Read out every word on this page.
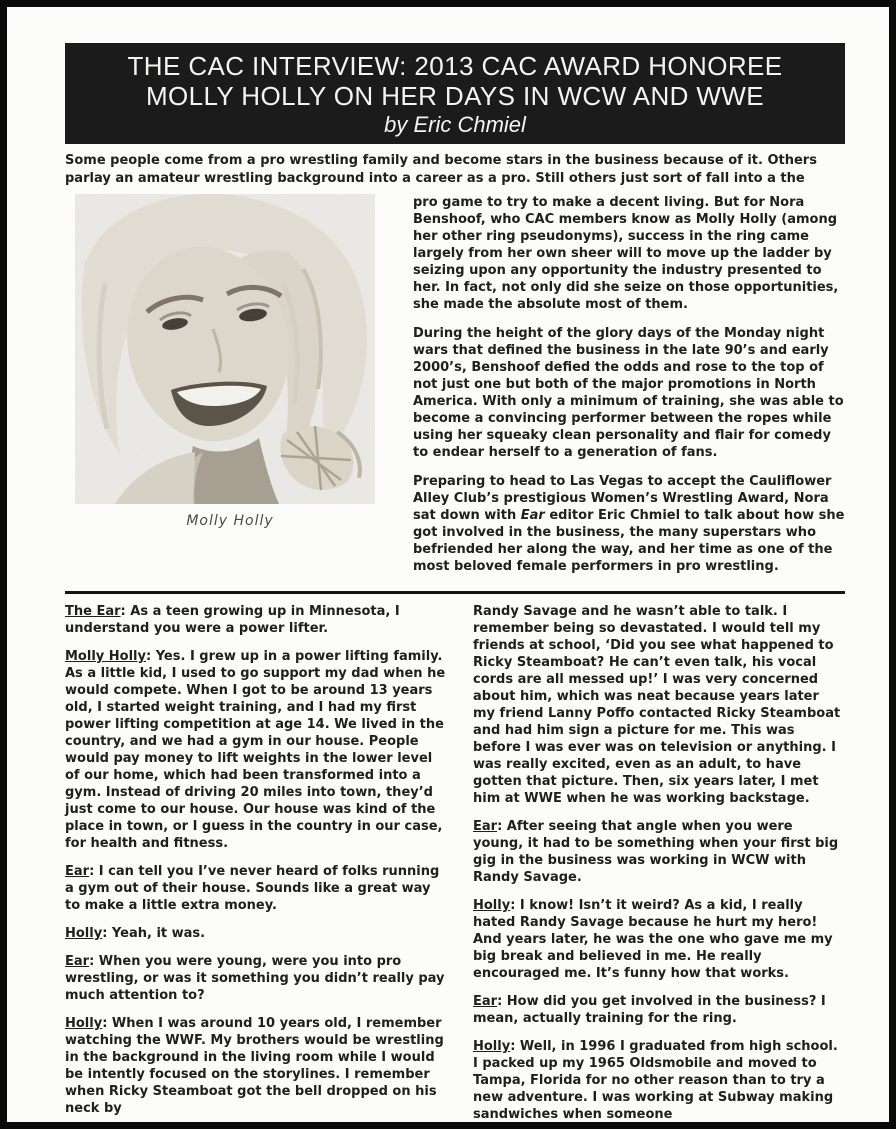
THE CAC INTERVIEW: 2013 CAC AWARD HONOREE
MOLLY HOLLY ON HER DAYS IN WCW AND WWE
by Eric Chmiel

Some people come from a pro wrestling family and become stars in the business because of it. Others parlay an amateur wrestling background into a career as a pro. Still others just sort of fall into a the

Molly Holly

pro game to try to make a decent living. But for Nora Benshoof, who CAC members know as Molly Holly (among her other ring pseudonyms), success in the ring came largely from her own sheer will to move up the ladder by seizing upon any opportunity the industry presented to her. In fact, not only did she seize on those opportunities, she made the absolute most of them.

During the height of the glory days of the Monday night wars that defined the business in the late 90’s and early 2000’s, Benshoof defied the odds and rose to the top of not just one but both of the major promotions in North America. With only a minimum of training, she was able to become a convincing performer between the ropes while using her squeaky clean personality and flair for comedy to endear herself to a generation of fans.

Preparing to head to Las Vegas to accept the Cauliflower Alley Club’s prestigious Women’s Wrestling Award, Nora sat down with Ear editor Eric Chmiel to talk about how she got involved in the business, the many superstars who befriended her along the way, and her time as one of the most beloved female performers in pro wrestling.

The Ear: As a teen growing up in Minnesota, I understand you were a power lifter.

Molly Holly: Yes. I grew up in a power lifting family. As a little kid, I used to go support my dad when he would compete. When I got to be around 13 years old, I started weight training, and I had my first power lifting competition at age 14. We lived in the country, and we had a gym in our house. People would pay money to lift weights in the lower level of our home, which had been transformed into a gym. Instead of driving 20 miles into town, they’d just come to our house. Our house was kind of the place in town, or I guess in the country in our case, for health and fitness.

Ear: I can tell you I’ve never heard of folks running a gym out of their house. Sounds like a great way to make a little extra money.

Holly: Yeah, it was.

Ear: When you were young, were you into pro wrestling, or was it something you didn’t really pay much attention to?

Holly: When I was around 10 years old, I remember watching the WWF. My brothers would be wrestling in the background in the living room while I would be intently focused on the storylines. I remember when Ricky Steamboat got the bell dropped on his neck by

Randy Savage and he wasn’t able to talk. I remember being so devastated. I would tell my friends at school, ‘Did you see what happened to Ricky Steamboat? He can’t even talk, his vocal cords are all messed up!’ I was very concerned about him, which was neat because years later my friend Lanny Poffo contacted Ricky Steamboat and had him sign a picture for me. This was before I was ever was on television or anything. I was really excited, even as an adult, to have gotten that picture. Then, six years later, I met him at WWE when he was working backstage.

Ear: After seeing that angle when you were young, it had to be something when your first big gig in the business was working in WCW with Randy Savage.

Holly: I know! Isn’t it weird? As a kid, I really hated Randy Savage because he hurt my hero! And years later, he was the one who gave me my big break and believed in me. He really encouraged me. It’s funny how that works.

Ear: How did you get involved in the business? I mean, actually training for the ring.

Holly: Well, in 1996 I graduated from high school. I packed up my 1965 Oldsmobile and moved to Tampa, Florida for no other reason than to try a new adventure. I was working at Subway making sandwiches when someone
